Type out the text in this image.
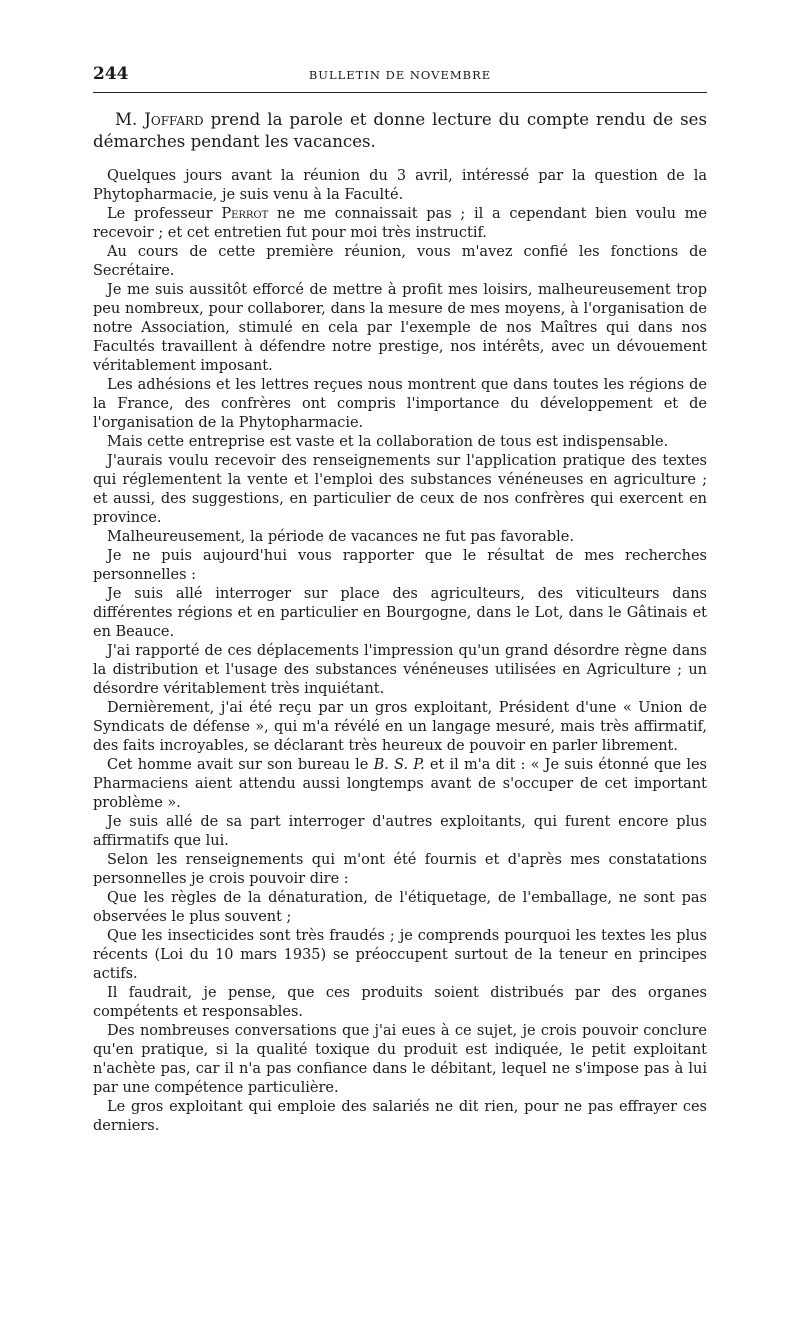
244	BULLETIN DE NOVEMBRE

M. Joffard prend la parole et donne lecture du compte rendu de ses démarches pendant les vacances.

Quelques jours avant la réunion du 3 avril, intéressé par la question de la Phytopharmacie, je suis venu à la Faculté.

Le professeur Perrot ne me connaissait pas ; il a cependant bien voulu me recevoir ; et cet entretien fut pour moi très instructif.

Au cours de cette première réunion, vous m'avez confié les fonctions de Secrétaire.

Je me suis aussitôt efforcé de mettre à profit mes loisirs, malheureusement trop peu nombreux, pour collaborer, dans la mesure de mes moyens, à l'organisation de notre Association, stimulé en cela par l'exemple de nos Maîtres qui dans nos Facultés travaillent à défendre notre prestige, nos intérêts, avec un dévouement véritablement imposant.

Les adhésions et les lettres reçues nous montrent que dans toutes les régions de la France, des confrères ont compris l'importance du développement et de l'organisation de la Phytopharmacie.

Mais cette entreprise est vaste et la collaboration de tous est indispensable.

J'aurais voulu recevoir des renseignements sur l'application pratique des textes qui réglementent la vente et l'emploi des substances vénéneuses en agriculture ; et aussi, des suggestions, en particulier de ceux de nos confrères qui exercent en province.

Malheureusement, la période de vacances ne fut pas favorable.

Je ne puis aujourd'hui vous rapporter que le résultat de mes recherches personnelles :

Je suis allé interroger sur place des agriculteurs, des viticulteurs dans différentes régions et en particulier en Bourgogne, dans le Lot, dans le Gâtinais et en Beauce.

J'ai rapporté de ces déplacements l'impression qu'un grand désordre règne dans la distribution et l'usage des substances vénéneuses utilisées en Agriculture ; un désordre véritablement très inquiétant.

Dernièrement, j'ai été reçu par un gros exploitant, Président d'une « Union de Syndicats de défense », qui m'a révélé en un langage mesuré, mais très affirmatif, des faits incroyables, se déclarant très heureux de pouvoir en parler librement.

Cet homme avait sur son bureau le B. S. P. et il m'a dit : « Je suis étonné que les Pharmaciens aient attendu aussi longtemps avant de s'occuper de cet important problème ».

Je suis allé de sa part interroger d'autres exploitants, qui furent encore plus affirmatifs que lui.

Selon les renseignements qui m'ont été fournis et d'après mes constatations personnelles je crois pouvoir dire :

Que les règles de la dénaturation, de l'étiquetage, de l'emballage, ne sont pas observées le plus souvent ;

Que les insecticides sont très fraudés ; je comprends pourquoi les textes les plus récents (Loi du 10 mars 1935) se préoccupent surtout de la teneur en principes actifs.

Il faudrait, je pense, que ces produits soient distribués par des organes compétents et responsables.

Des nombreuses conversations que j'ai eues à ce sujet, je crois pouvoir conclure qu'en pratique, si la qualité toxique du produit est indiquée, le petit exploitant n'achète pas, car il n'a pas confiance dans le débitant, lequel ne s'impose pas à lui par une compétence particulière.

Le gros exploitant qui emploie des salariés ne dit rien, pour ne pas effrayer ces derniers.
